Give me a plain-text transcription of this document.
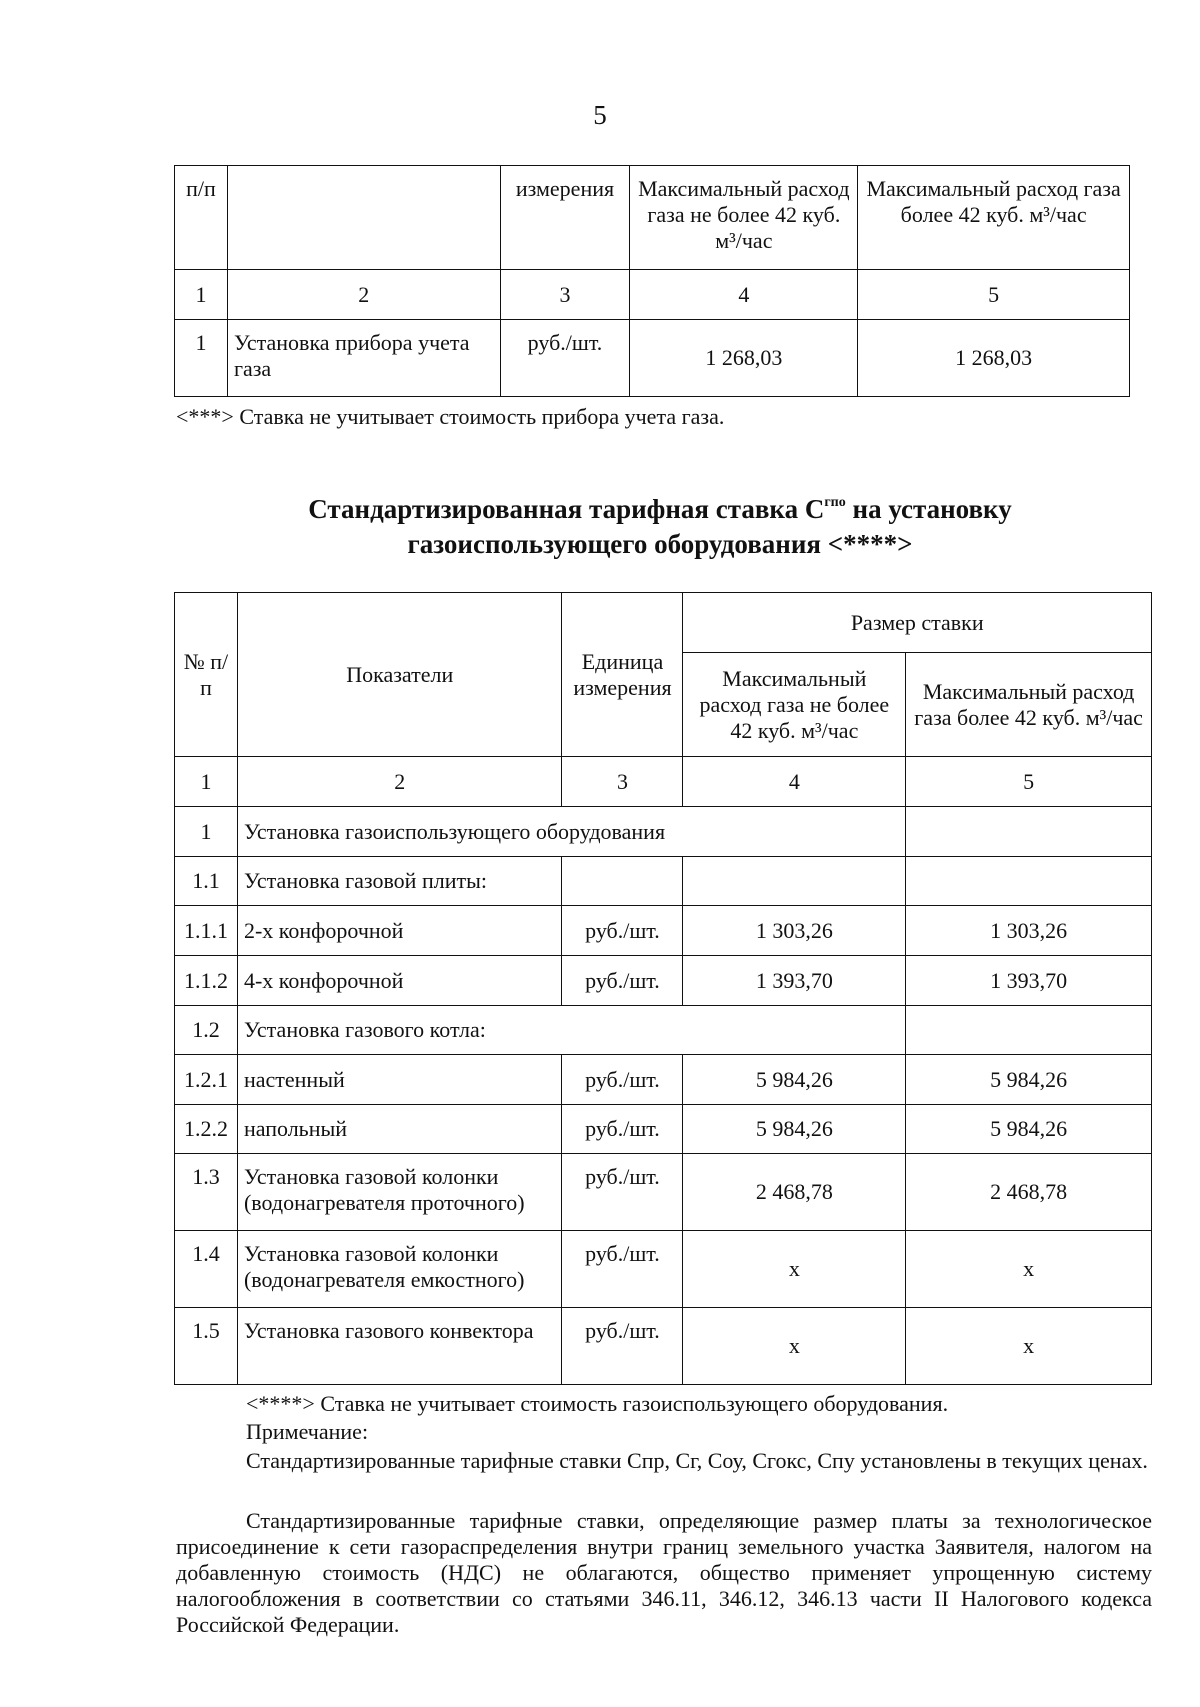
5
п/п		измерения	Максимальный расход газа не более 42 куб. м³/час	Максимальный расход газа более 42 куб. м³/час
1	2	3	4	5
1	Установка прибора учета газа	руб./шт.	1 268,03	1 268,03
<***> Ставка не учитывает стоимость прибора учета газа.
Стандартизированная тарифная ставка $С^{гпо}$ на установку
газоиспользующего оборудования <****>
№ п/п	Показатели	Единица измерения	Размер ставки	
			Максимальный расход газа не более 42 куб. м³/час	Максимальный расход газа более 42 куб. м³/час
1	2	3	4	5
1	Установка газоиспользующего оборудования			
1.1	Установка газовой плиты:			
1.1.1	2-х конфорочной	руб./шт.	1 303,26	1 303,26
1.1.2	4-х конфорочной	руб./шт.	1 393,70	1 393,70
1.2	Установка газового котла:			
1.2.1	настенный	руб./шт.	5 984,26	5 984,26
1.2.2	напольный	руб./шт.	5 984,26	5 984,26
1.3	Установка газовой колонки (водонагревателя проточного)	руб./шт.	2 468,78	2 468,78
1.4	Установка газовой колонки (водонагревателя емкостного)	руб./шт.	х	х
1.5	Установка газового конвектора	руб./шт.	х	х
<****> Ставка не учитывает стоимость газоиспользующего оборудования.
Примечание:
Стандартизированные тарифные ставки Спр, Сг, Соу, Сгокс, Спу установлены в текущих ценах.
Стандартизированные тарифные ставки, определяющие размер платы за технологическое присоединение к сети газораспределения внутри границ земельного участка Заявителя, налогом на добавленную стоимость (НДС) не облагаются, общество применяет упрощенную систему налогообложения в соответствии со статьями 346.11, 346.12, 346.13 части II Налогового кодекса Российской Федерации.
